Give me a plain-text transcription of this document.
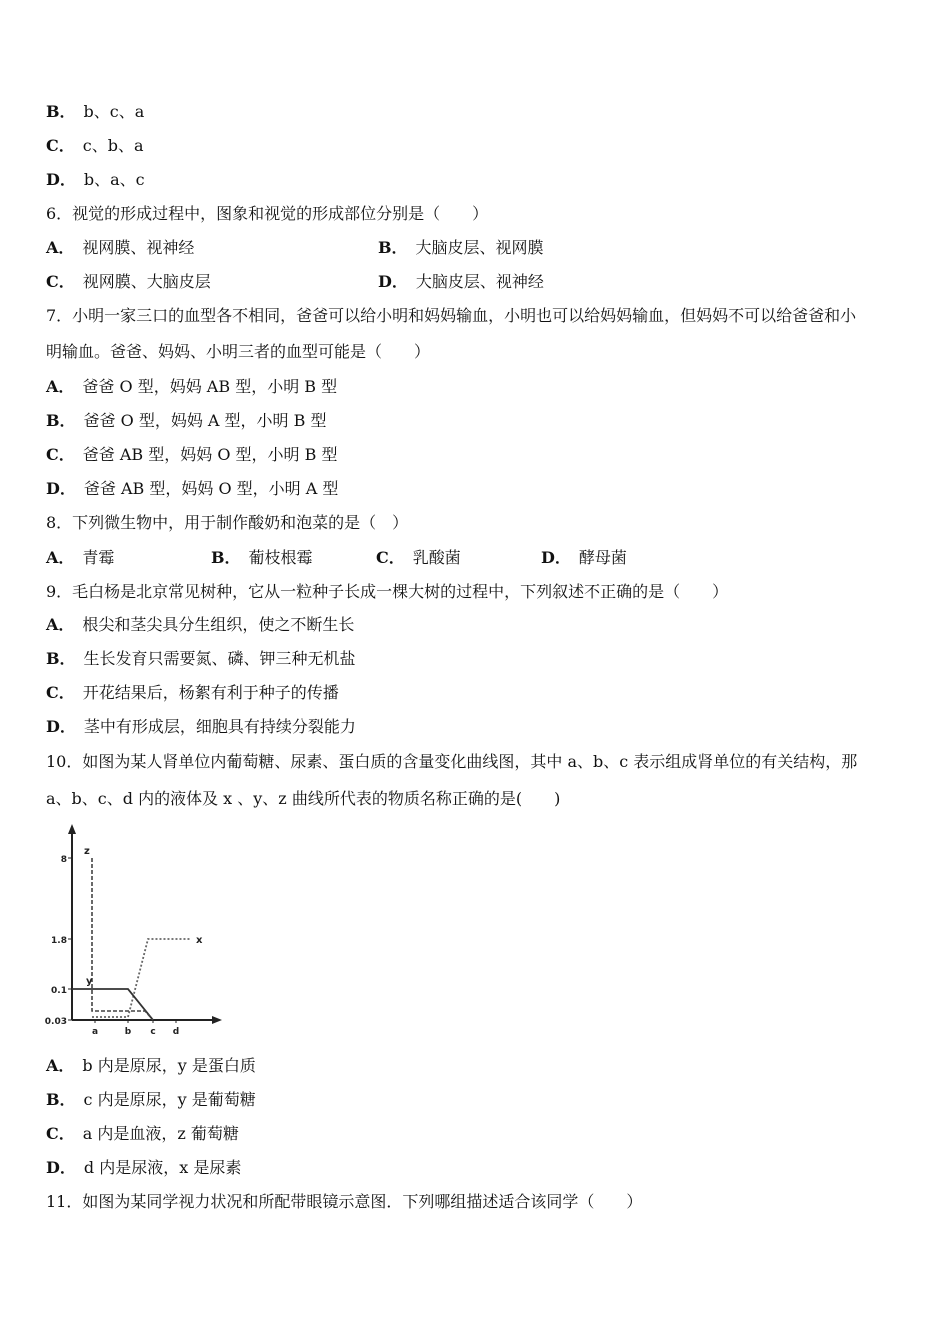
B． b、c、a
C． c、b、a
D． b、a、c
6．视觉的形成过程中，图象和视觉的形成部位分别是（　　）
A． 视网膜、视神经	B． 大脑皮层、视网膜
C． 视网膜、大脑皮层	D． 大脑皮层、视神经
7．小明一家三口的血型各不相同，爸爸可以给小明和妈妈输血，小明也可以给妈妈输血，但妈妈不可以给爸爸和小
明输血。爸爸、妈妈、小明三者的血型可能是（　　）
A． 爸爸 O 型，妈妈 AB 型，小明 B 型
B． 爸爸 O 型，妈妈 A 型，小明 B 型
C． 爸爸 AB 型，妈妈 O 型，小明 B 型
D． 爸爸 AB 型，妈妈 O 型，小明 A 型
8．下列微生物中，用于制作酸奶和泡菜的是（　）
A． 青霉	B． 葡枝根霉	C． 乳酸菌	D． 酵母菌
9．毛白杨是北京常见树种，它从一粒种子长成一棵大树的过程中，下列叙述不正确的是（　　）
A． 根尖和茎尖具分生组织，使之不断生长
B． 生长发育只需要氮、磷、钾三种无机盐
C． 开花结果后，杨絮有利于种子的传播
D． 茎中有形成层，细胞具有持续分裂能力
10．如图为某人肾单位内葡萄糖、尿素、蛋白质的含量变化曲线图，其中 a、b、c 表示组成肾单位的有关结构，那
a、b、c、d 内的液体及 x 、y、z 曲线所代表的物质名称正确的是(　　)
8
1.8
0.1
0.03
a	b c d
x
y
z
A． b 内是原尿，y 是蛋白质
B． c 内是原尿，y 是葡萄糖
C． a 内是血液，z 葡萄糖
D． d 内是尿液，x 是尿素
11．如图为某同学视力状况和所配带眼镜示意图．下列哪组描述适合该同学（　　）
